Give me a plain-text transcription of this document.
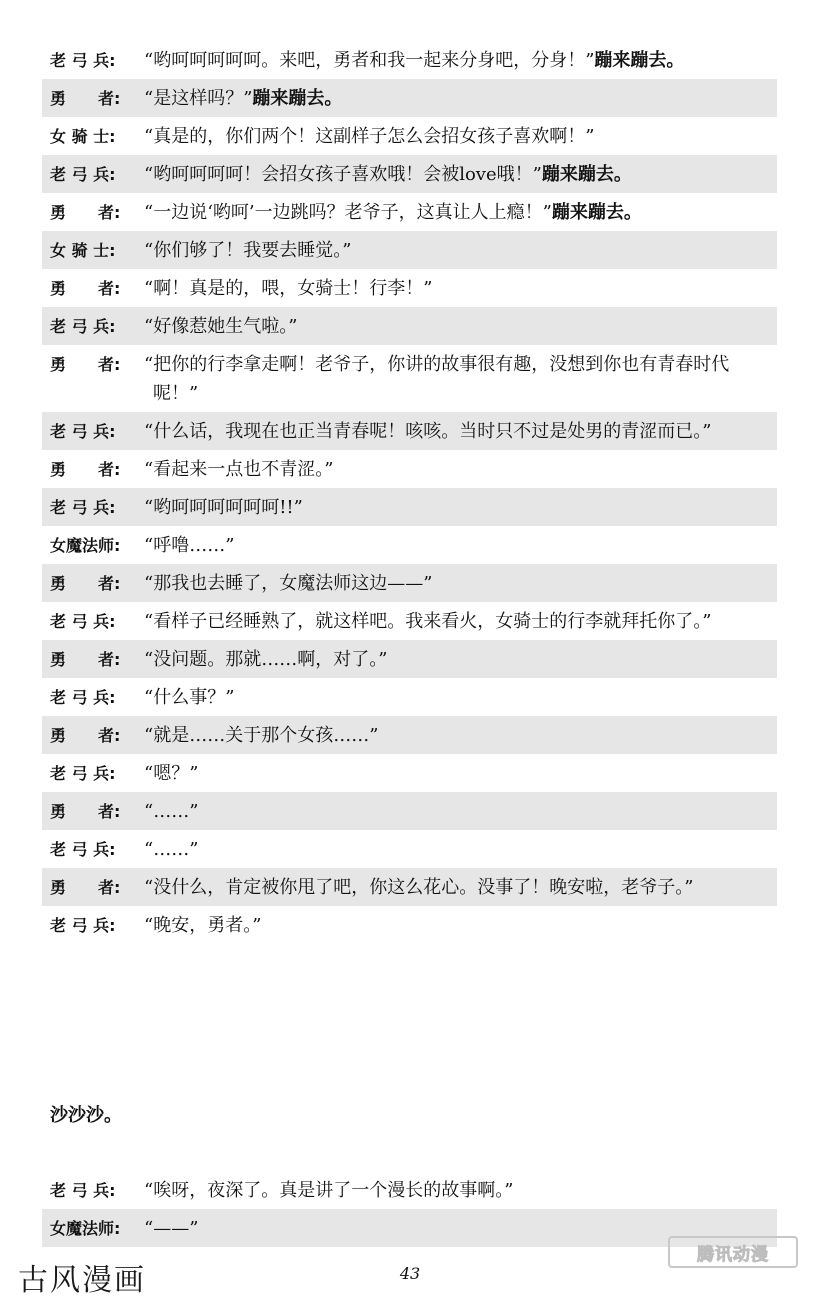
老 弓 兵:	“哟呵呵呵呵呵。来吧，勇者和我一起来分身吧，分身！”蹦来蹦去。
勇　　者:	“是这样吗？”蹦来蹦去。
女 骑 士:	“真是的，你们两个！这副样子怎么会招女孩子喜欢啊！”
老 弓 兵:	“哟呵呵呵呵！会招女孩子喜欢哦！会被love哦！”蹦来蹦去。
勇　　者:	“一边说‘哟呵’一边跳吗？老爷子，这真让人上瘾！”蹦来蹦去。
女 骑 士:	“你们够了！我要去睡觉。”
勇　　者:	“啊！真是的，喂，女骑士！行李！”
老 弓 兵:	“好像惹她生气啦。”
勇　　者:	“把你的行李拿走啊！老爷子，你讲的故事很有趣，没想到你也有青春时代呢！”
老 弓 兵:	“什么话，我现在也正当青春呢！咳咳。当时只不过是处男的青涩而已。”
勇　　者:	“看起来一点也不青涩。”
老 弓 兵:	“哟呵呵呵呵呵呵!!”
女魔法师:	“呼噜……”
勇　　者:	“那我也去睡了，女魔法师这边——”
老 弓 兵:	“看样子已经睡熟了，就这样吧。我来看火，女骑士的行李就拜托你了。”
勇　　者:	“没问题。那就……啊，对了。”
老 弓 兵:	“什么事？”
勇　　者:	“就是……关于那个女孩……”
老 弓 兵:	“嗯？”
勇　　者:	“……”
老 弓 兵:	“……”
勇　　者:	“没什么，肯定被你甩了吧，你这么花心。没事了！晚安啦，老爷子。”
老 弓 兵:	“晚安，勇者。”

沙沙沙。

老 弓 兵:	“唉呀，夜深了。真是讲了一个漫长的故事啊。”
女魔法师:	“——”

古风漫画	43

腾讯动漫
